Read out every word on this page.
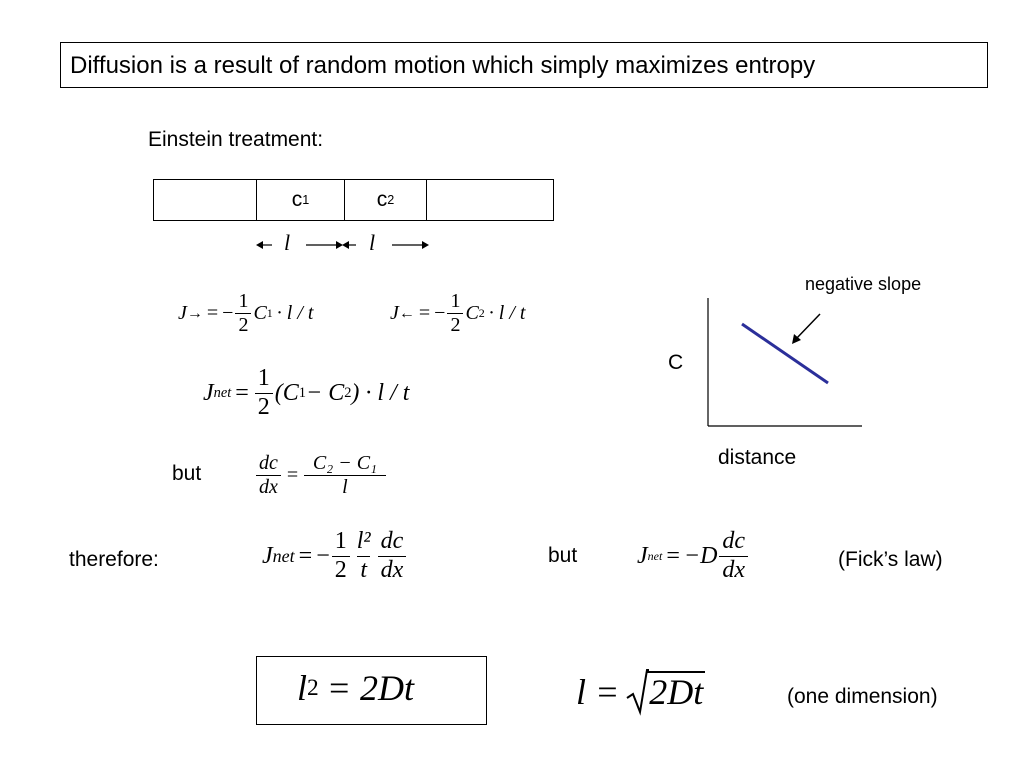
Diffusion is a result of random motion which simply maximizes entropy
Einstein treatment:
c 1	c 2
l	l
J → = − $\frac{1}{2}$ C 1 · l / t	J ← = − $\frac{1}{2}$ C 2 · l / t
J net = $\frac{1}{2} (C$ 1 − C 2 ) · l / t
but	$\frac{dc}{dx} = \frac{\text{C₂ − C₁}}{l}$
therefore:	J net = − $\frac{1}{2} \frac{\text{l²}}{t} \frac{dc}{dx}$	but J net = $-D \frac{dc}{dx}$	(Fick’s law)
l 2 = 2Dt	l = 2Dt	(one dimension)
negative slope
C
distance
